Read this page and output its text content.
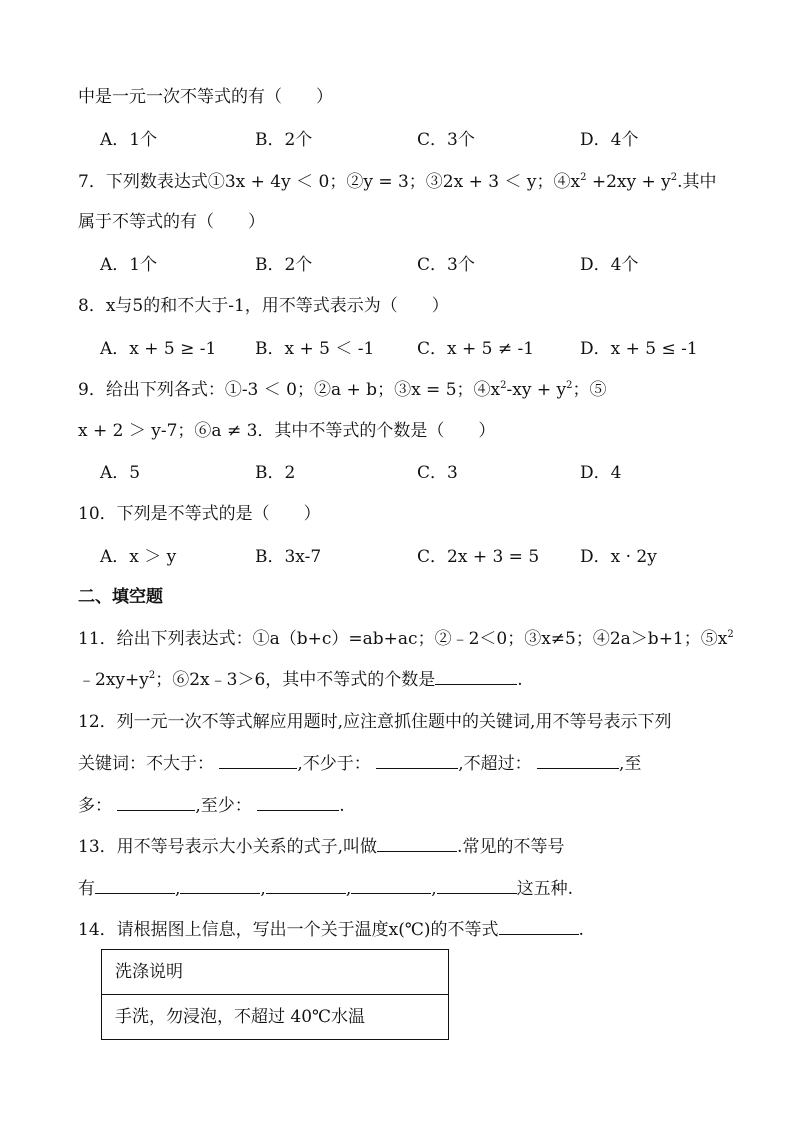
中是一元一次不等式的有（　　）
A．1个	B．2个	C．3个	D．4个
7．下列数表达式①3x + 4y ＜ 0；②y = 3；③2x + 3 ＜ y；$④x^2 +2xy + y^2$.其中
属于不等式的有（　　）
A．1个	B．2个	C．3个	D．4个
8．x与5的和不大于-1，用不等式表示为（　　）
A．x + 5 ≥ -1 B．x + 5 ＜ -1	C．x + 5 ≠ -1	D．x + 5 ≤ -1
9．给出下列各式：①-3 ＜ 0；②a + b；③x = 5；$④x^2-xy + y^2$；⑤
x + 2 ＞ y-7；⑥a ≠ 3．其中不等式的个数是（　　）
A．5	B．2	C．3	D．4
10．下列是不等式的是（　　）
A．x ＞ y	B．3x-7	C．2x + 3 = 5 D．x · 2y
二、填空题
11．给出下列表达式：①a（b+c）=ab+ac；②﹣2＜0；③x≠5；④2a＞b+1；$⑤x^2$
$﹣2xy+y^2$；⑥2x﹣3＞6，其中不等式的个数是	.
12．列一元一次不等式解应用题时,应注意抓住题中的关键词,用不等号表示下列
关键词：不大于：	,不少于：	,不超过：	,至
多：	,至少：	.
13．用不等号表示大小关系的式子,叫做	.常见的不等号
有	,	,	,	,	这五种.
14．请根据图上信息，写出一个关于温度x(℃)的不等式	.
洗涤说明
手洗，勿浸泡，不超过 40℃水温
